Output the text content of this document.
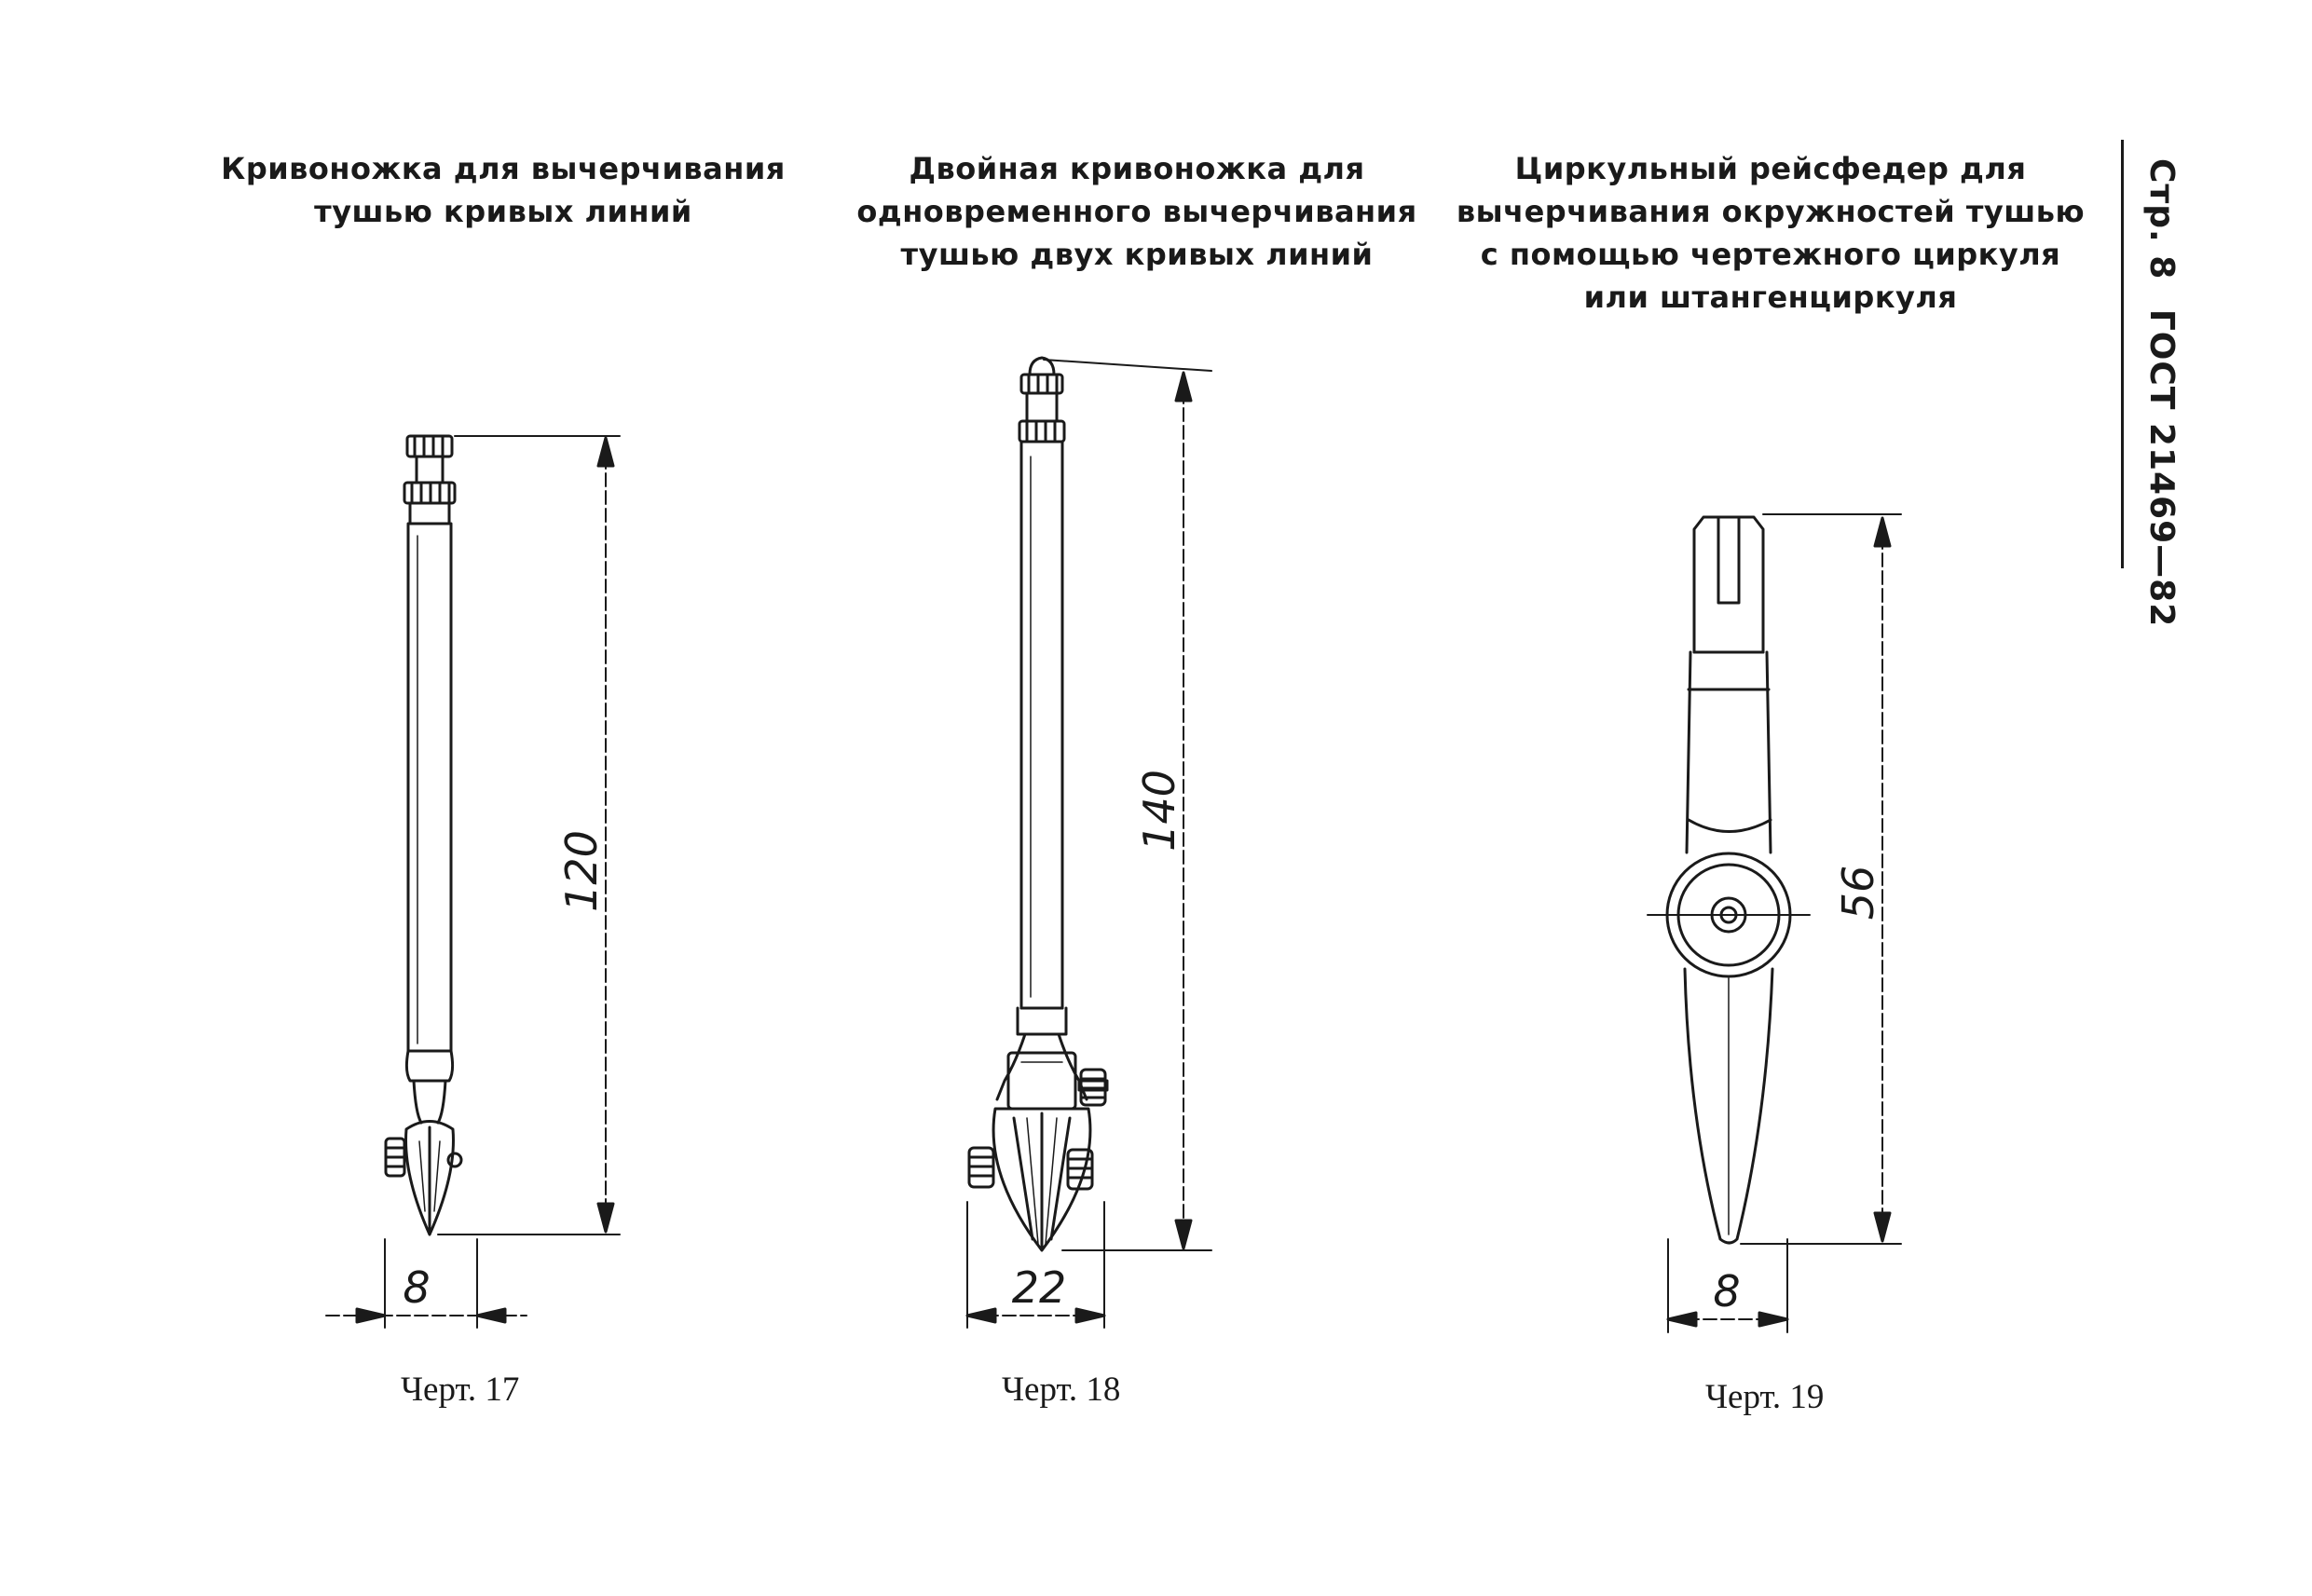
Кривоножка для вычерчивания
тушью кривых линий
Двойная кривоножка для
одновременного вычерчивания
тушью двух кривых линий
Циркульный рейсфедер для
вычерчивания окружностей тушью
с помощью чертежного циркуля
или штангенциркуля
Стр. 8 ГОСТ 21469—82
120
8
140
22
56
8
Черт. 17	Черт. 18	Черт. 19
